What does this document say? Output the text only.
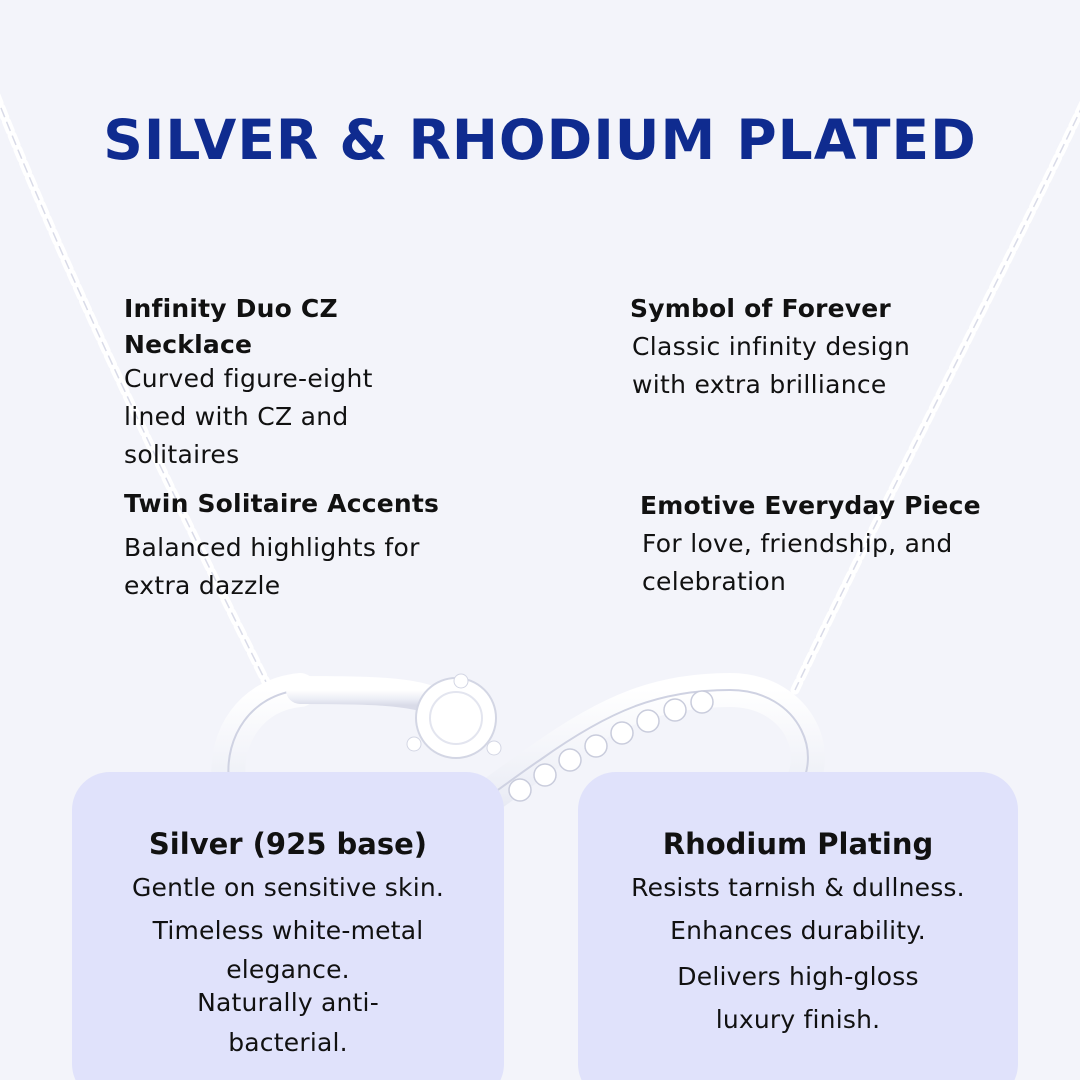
SILVER & RHODIUM PLATED
Infinity Duo CZ
Necklace
Curved figure-eight
lined with CZ and
solitaires
Symbol of Forever
Classic infinity design
with extra brilliance
Twin Solitaire Accents
Balanced highlights for
extra dazzle
Emotive Everyday Piece
For love, friendship, and
celebration
Silver (925 base)
Gentle on sensitive skin.
Timeless white-metal
elegance.
Naturally anti-
bacterial.
Rhodium Plating
Resists tarnish & dullness.
Enhances durability.
Delivers high-gloss
luxury finish.
